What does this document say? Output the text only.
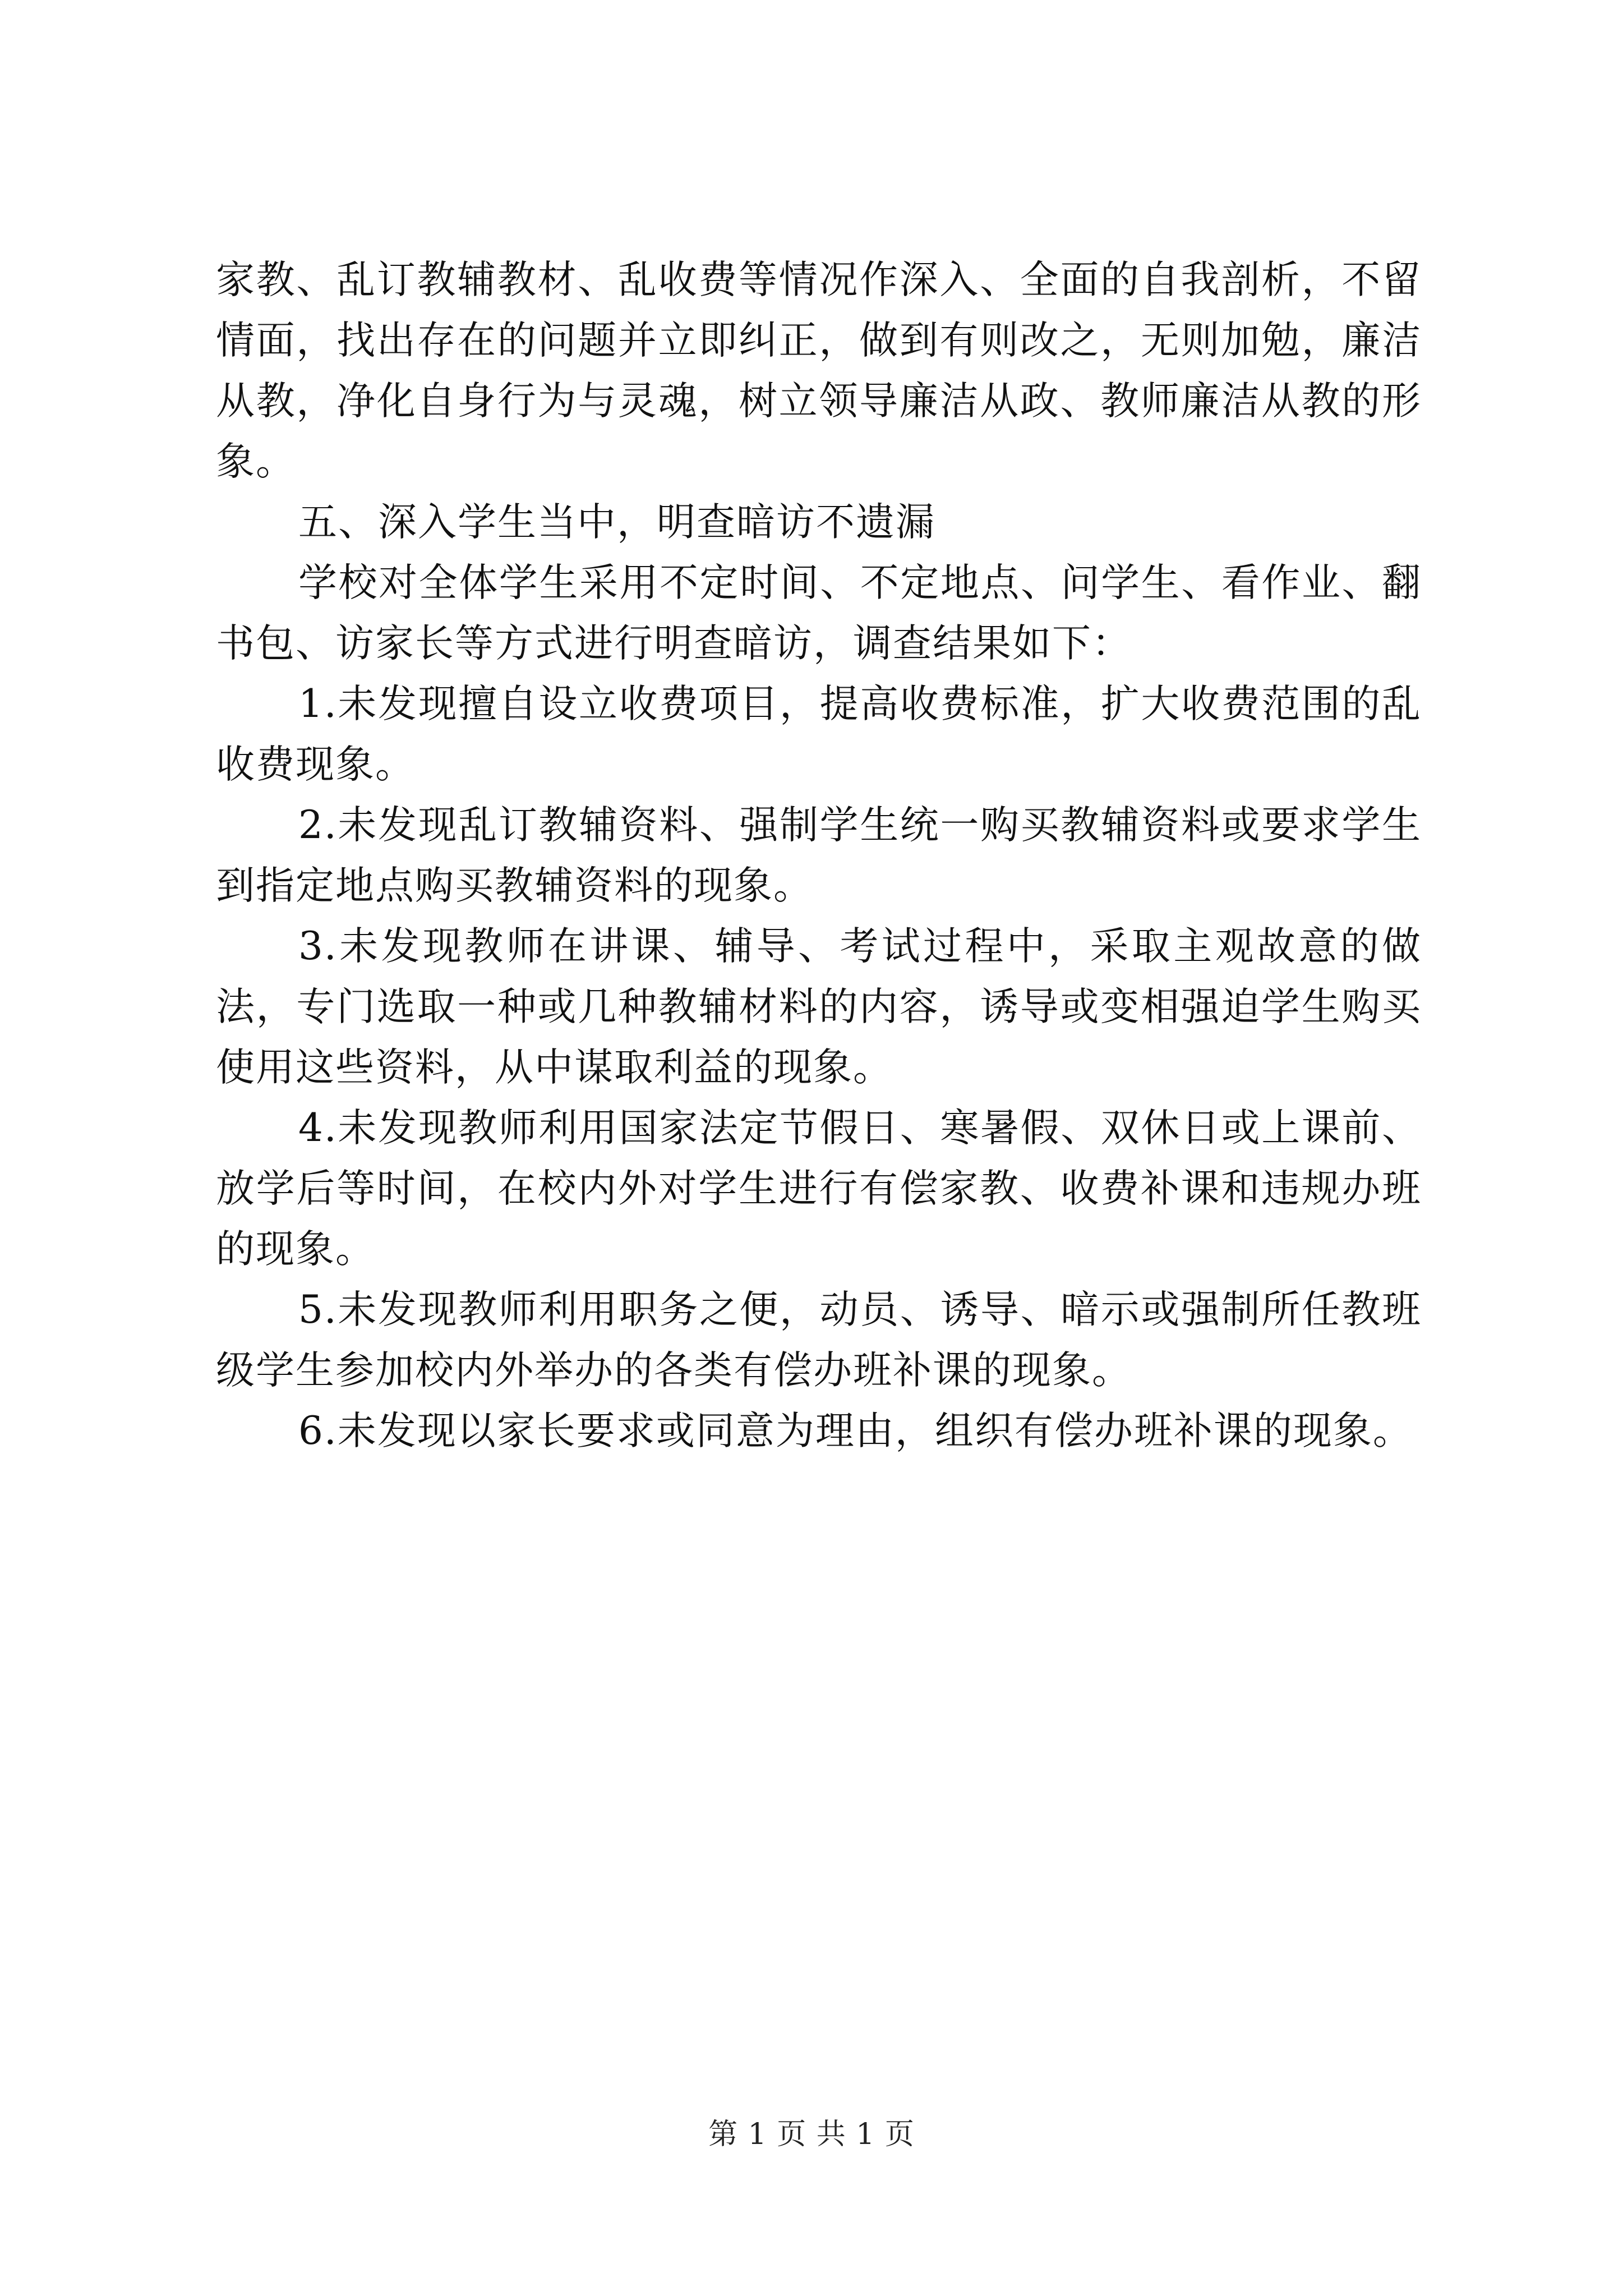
家教、乱订教辅教材、乱收费等情况作深入、全面的自我剖析，不留情面，找出存在的问题并立即纠正，做到有则改之，无则加勉，廉洁从教，净化自身行为与灵魂，树立领导廉洁从政、教师廉洁从教的形象。

五、深入学生当中，明查暗访不遗漏

学校对全体学生采用不定时间、不定地点、问学生、看作业、翻书包、访家长等方式进行明查暗访，调查结果如下：

1.未发现擅自设立收费项目，提高收费标准，扩大收费范围的乱收费现象。

2.未发现乱订教辅资料、强制学生统一购买教辅资料或要求学生到指定地点购买教辅资料的现象。

3.未发现教师在讲课、辅导、考试过程中，采取主观故意的做法，专门选取一种或几种教辅材料的内容，诱导或变相强迫学生购买使用这些资料，从中谋取利益的现象。

4.未发现教师利用国家法定节假日、寒暑假、双休日或上课前、放学后等时间，在校内外对学生进行有偿家教、收费补课和违规办班的现象。

5.未发现教师利用职务之便，动员、诱导、暗示或强制所任教班级学生参加校内外举办的各类有偿办班补课的现象。

6.未发现以家长要求或同意为理由，组织有偿办班补课的现象。

第 1 页 共 1 页
